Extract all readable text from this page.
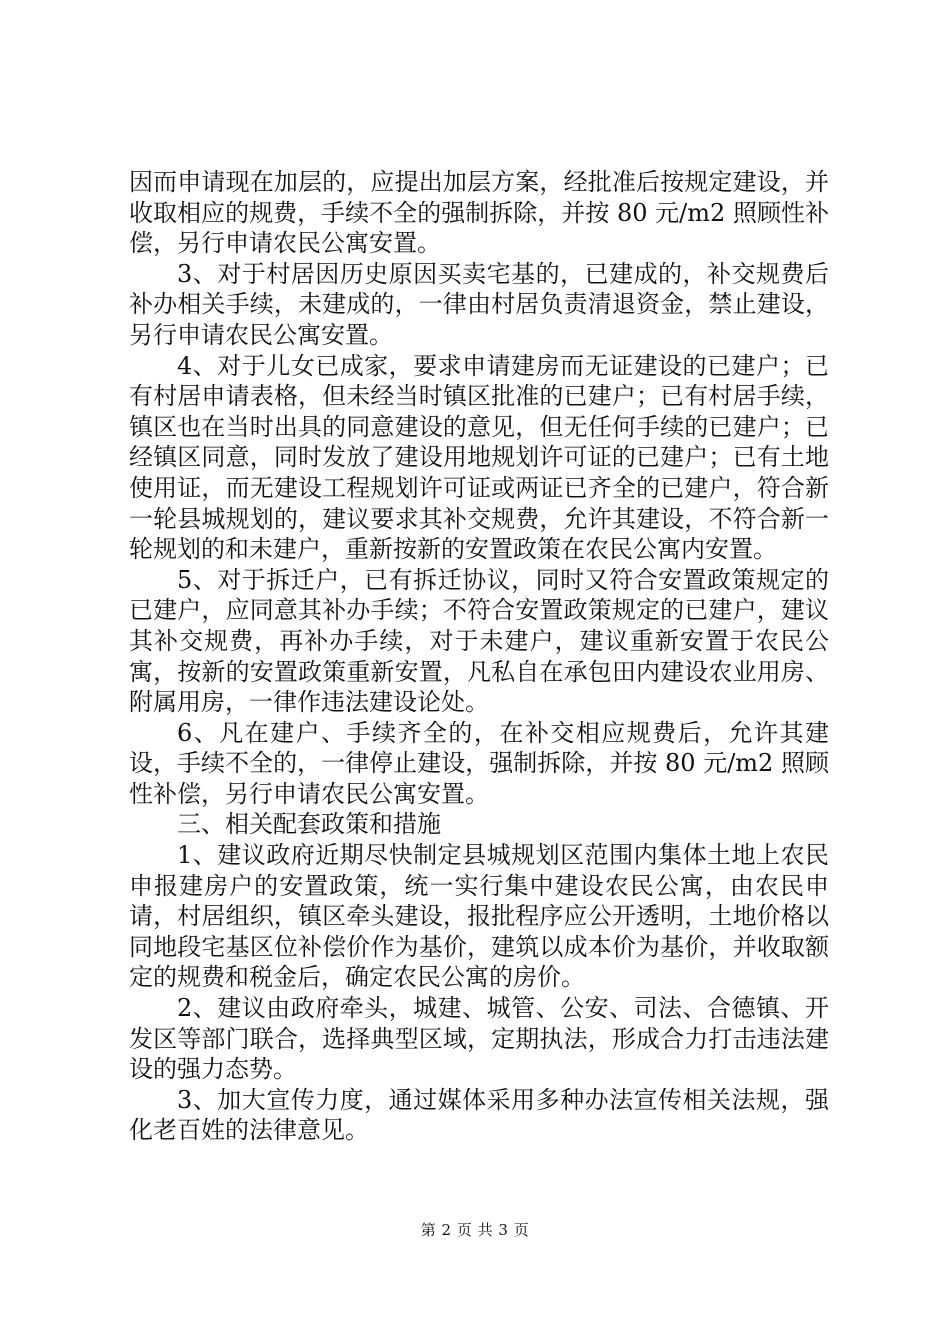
因而申请现在加层的，应提出加层方案，经批准后按规定建设，并收取相应的规费，手续不全的强制拆除，并按 80 元/m2 照顾性补偿，另行申请农民公寓安置。

3、对于村居因历史原因买卖宅基的，已建成的，补交规费后补办相关手续，未建成的，一律由村居负责清退资金，禁止建设，另行申请农民公寓安置。

4、对于儿女已成家，要求申请建房而无证建设的已建户；已有村居申请表格，但未经当时镇区批准的已建户；已有村居手续，镇区也在当时出具的同意建设的意见，但无任何手续的已建户；已经镇区同意，同时发放了建设用地规划许可证的已建户；已有土地使用证，而无建设工程规划许可证或两证已齐全的已建户，符合新一轮县城规划的，建议要求其补交规费，允许其建设，不符合新一轮规划的和未建户，重新按新的安置政策在农民公寓内安置。

5、对于拆迁户，已有拆迁协议，同时又符合安置政策规定的已建户，应同意其补办手续；不符合安置政策规定的已建户，建议其补交规费，再补办手续，对于未建户，建议重新安置于农民公寓，按新的安置政策重新安置，凡私自在承包田内建设农业用房、附属用房，一律作违法建设论处。

6、凡在建户、手续齐全的，在补交相应规费后，允许其建设，手续不全的，一律停止建设，强制拆除，并按 80 元/m2 照顾性补偿，另行申请农民公寓安置。

三、相关配套政策和措施

1、建议政府近期尽快制定县城规划区范围内集体土地上农民申报建房户的安置政策，统一实行集中建设农民公寓，由农民申请，村居组织，镇区牵头建设，报批程序应公开透明，土地价格以同地段宅基区位补偿价作为基价，建筑以成本价为基价，并收取额定的规费和税金后，确定农民公寓的房价。

2、建议由政府牵头，城建、城管、公安、司法、合德镇、开发区等部门联合，选择典型区域，定期执法，形成合力打击违法建设的强力态势。

3、加大宣传力度，通过媒体采用多种办法宣传相关法规，强化老百姓的法律意见。

第 2 页 共 3 页
